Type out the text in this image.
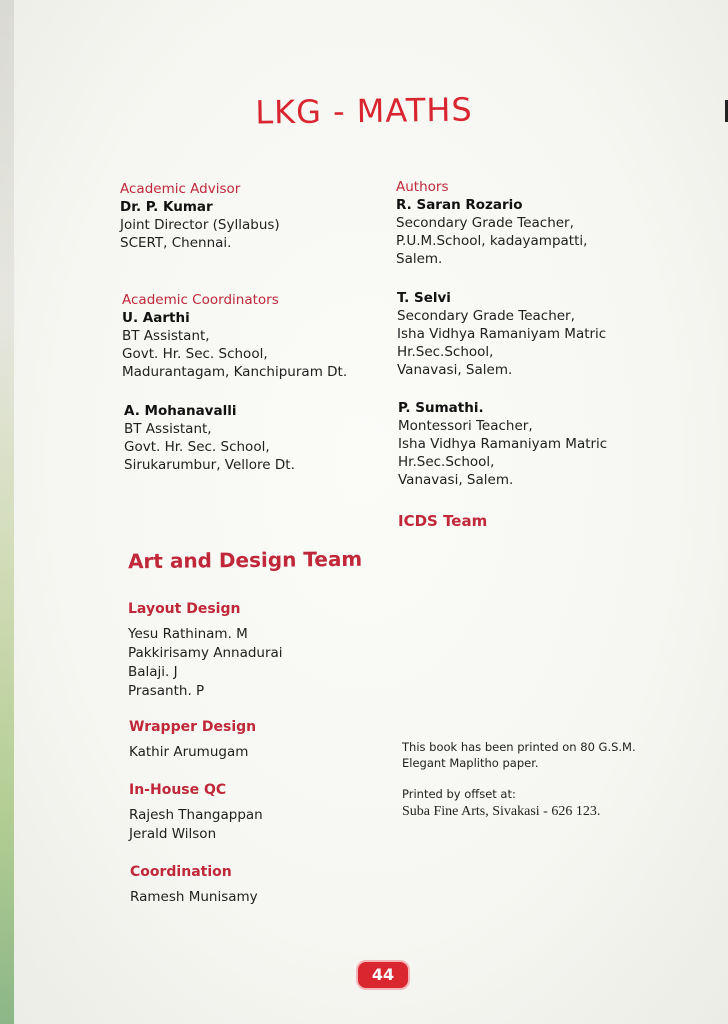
LKG - MATHS
Academic Advisor
Dr. P. Kumar
Joint Director (Syllabus)
SCERT, Chennai.
Academic Coordinators
U. Aarthi
BT Assistant,
Govt. Hr. Sec. School,
Madurantagam, Kanchipuram Dt.
A. Mohanavalli
BT Assistant,
Govt. Hr. Sec. School,
Sirukarumbur, Vellore Dt.
Authors
R. Saran Rozario
Secondary Grade Teacher,
P.U.M.School, kadayampatti,
Salem.
T. Selvi
Secondary Grade Teacher,
Isha Vidhya Ramaniyam Matric
Hr.Sec.School,
Vanavasi, Salem.
P. Sumathi.
Montessori Teacher,
Isha Vidhya Ramaniyam Matric
Hr.Sec.School,
Vanavasi, Salem.
ICDS Team
Art and Design Team
Layout Design
Yesu Rathinam. M
Pakkirisamy Annadurai
Balaji. J
Prasanth. P
Wrapper Design
Kathir Arumugam
In-House QC
Rajesh Thangappan
Jerald Wilson
Coordination
Ramesh Munisamy
This book has been printed on 80 G.S.M.
Elegant Maplitho paper.
Printed by offset at:
Suba Fine Arts, Sivakasi - 626 123.
44
